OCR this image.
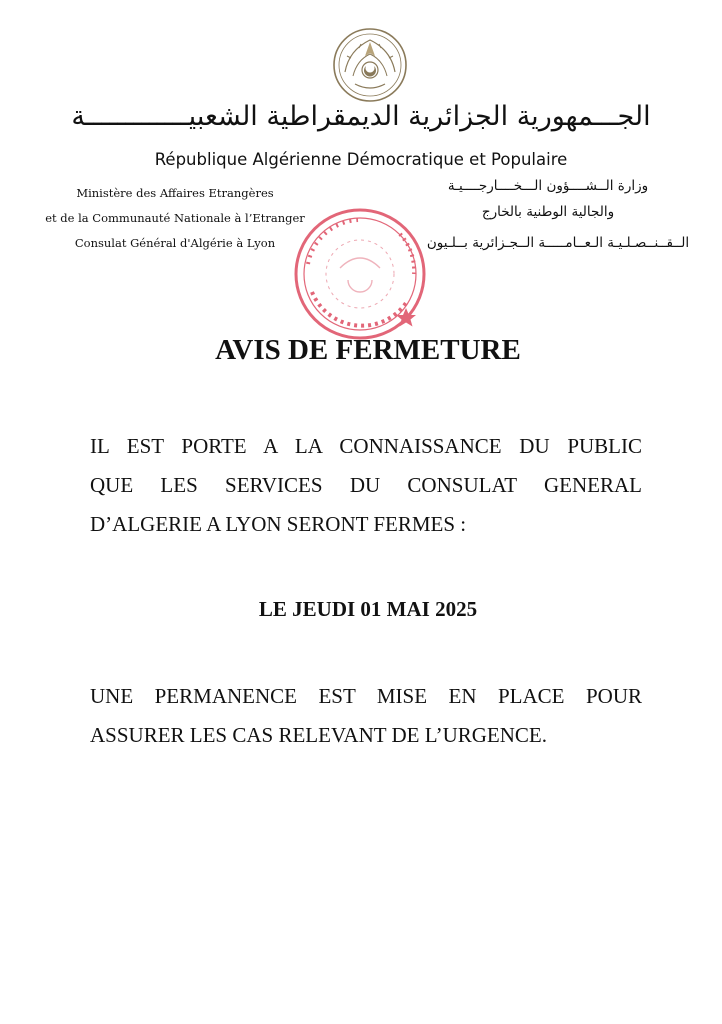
الجـــمهورية الجزائرية الديمقراطية الشعبيـــــــــــــة
République Algérienne Démocratique et Populaire
Ministère des Affaires Etrangères
et de la Communauté Nationale à l’Etranger
Consulat Général d'Algérie à Lyon
وزارة الــشــــؤون الـــخــــارجــــيـة
والجالية الوطنية بالخارج
الــقــنــصـلـيـة الـعــامـــــة الــجـزائرية بــلـيون
AVIS DE FERMETURE
IL EST PORTE A LA CONNAISSANCE DU PUBLIC
QUE LES SERVICES DU CONSULAT GENERAL
D’ALGERIE A LYON SERONT FERMES :
LE JEUDI 01 MAI 2025
UNE PERMANENCE EST MISE EN PLACE POUR
ASSURER LES CAS RELEVANT DE L’URGENCE.
